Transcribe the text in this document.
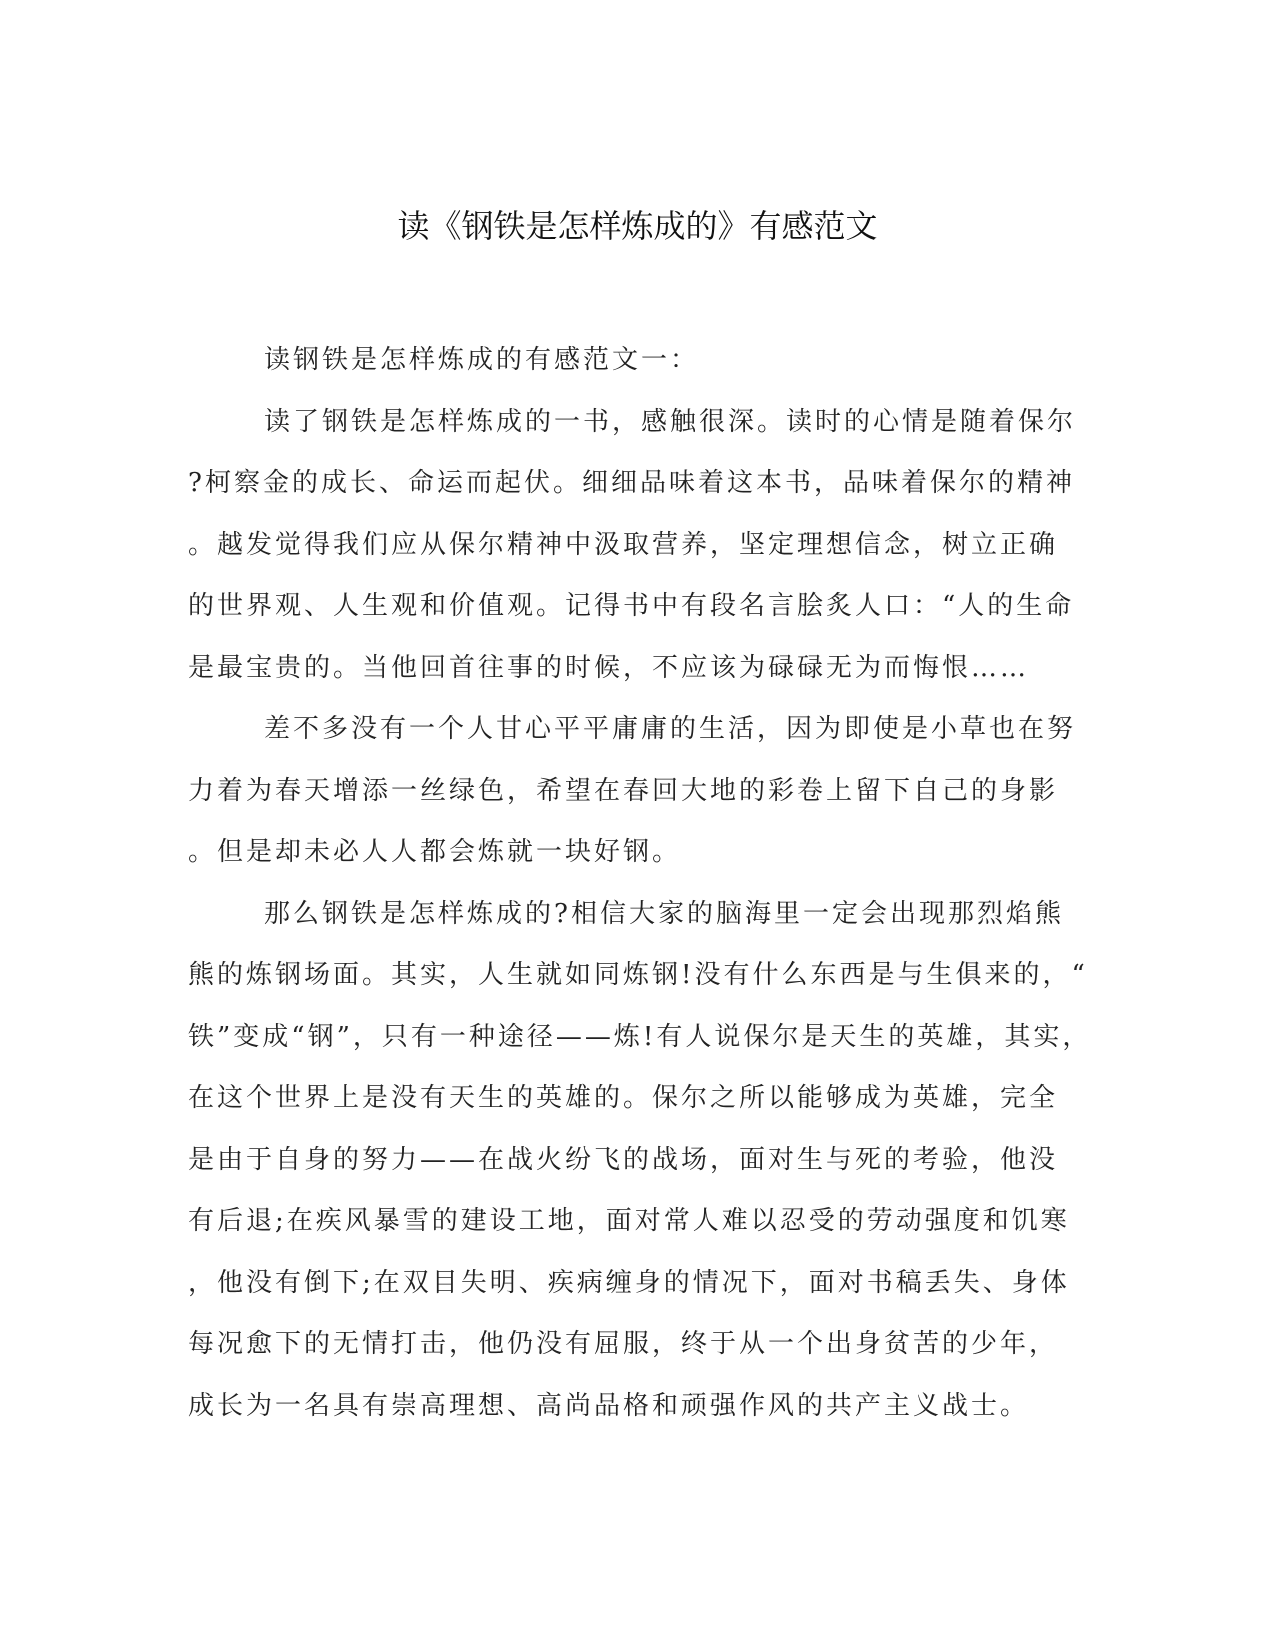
读《钢铁是怎样炼成的》有感范文
读钢铁是怎样炼成的有感范文一：
读了钢铁是怎样炼成的一书，感触很深。读时的心情是随着保尔
?柯察金的成长、命运而起伏。细细品味着这本书，品味着保尔的精神
。越发觉得我们应从保尔精神中汲取营养，坚定理想信念，树立正确
的世界观、人生观和价值观。记得书中有段名言脍炙人口：“人的生命
是最宝贵的。当他回首往事的时候，不应该为碌碌无为而悔恨……
差不多没有一个人甘心平平庸庸的生活，因为即使是小草也在努
力着为春天增添一丝绿色，希望在春回大地的彩卷上留下自己的身影
。但是却未必人人都会炼就一块好钢。
那么钢铁是怎样炼成的?相信大家的脑海里一定会出现那烈焰熊
熊的炼钢场面。其实，人生就如同炼钢!没有什么东西是与生俱来的，“
铁”变成“钢”，只有一种途径——炼!有人说保尔是天生的英雄，其实，
在这个世界上是没有天生的英雄的。保尔之所以能够成为英雄，完全
是由于自身的努力——在战火纷飞的战场，面对生与死的考验，他没
有后退;在疾风暴雪的建设工地，面对常人难以忍受的劳动强度和饥寒
，他没有倒下;在双目失明、疾病缠身的情况下，面对书稿丢失、身体
每况愈下的无情打击，他仍没有屈服，终于从一个出身贫苦的少年，
成长为一名具有崇高理想、高尚品格和顽强作风的共产主义战士。
